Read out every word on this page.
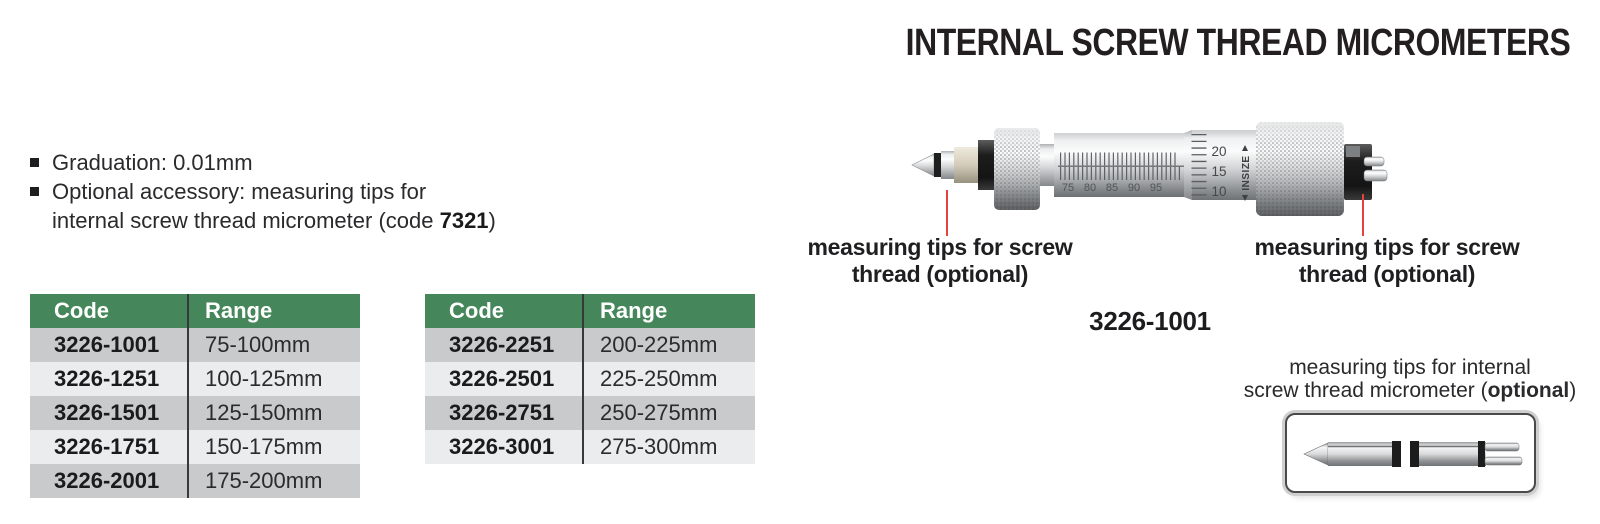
INTERNAL SCREW THREAD MICROMETERS
Graduation: 0.01mm
Optional accessory: measuring tips for
internal screw thread micrometer (code 7321)
Code	Range
3226-1001	75-100mm
3226-1251	100-125mm
3226-1501	125-150mm
3226-1751	150-175mm
3226-2001	175-200mm
Code	Range
3226-2251	200-225mm
3226-2501	225-250mm
3226-2751	250-275mm
3226-3001	275-300mm
75 80 85 90 95
20
15
10
INSIZE
measuring tips for screw
thread (optional)
measuring tips for screw
thread (optional)
3226-1001
measuring tips for internal
screw thread micrometer (optional)
